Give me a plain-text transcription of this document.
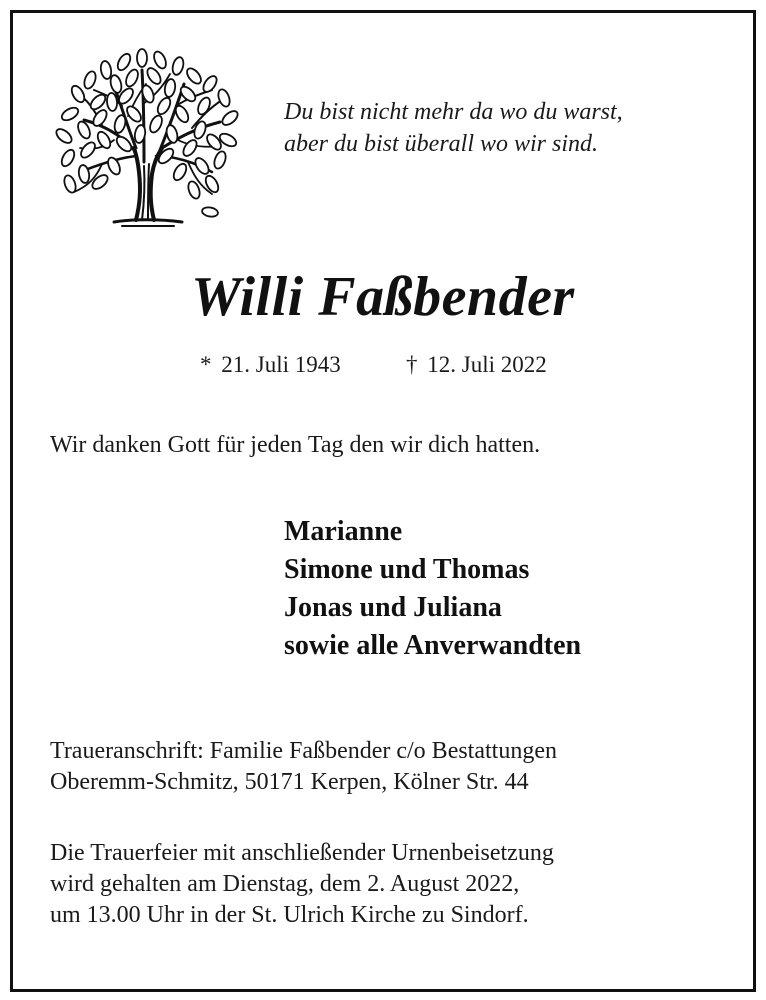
Du bist nicht mehr da wo du warst,
aber du bist überall wo wir sind.
Willi Faßbender
* 21. Juli 1943	† 12. Juli 2022
Wir danken Gott für jeden Tag den wir dich hatten.
Marianne
Simone und Thomas
Jonas und Juliana
sowie alle Anverwandten
Traueranschrift: Familie Faßbender c/o Bestattungen
Oberemm-Schmitz, 50171 Kerpen, Kölner Str. 44
Die Trauerfeier mit anschließender Urnenbeisetzung
wird gehalten am Dienstag, dem 2. August 2022,
um 13.00 Uhr in der St. Ulrich Kirche zu Sindorf.
